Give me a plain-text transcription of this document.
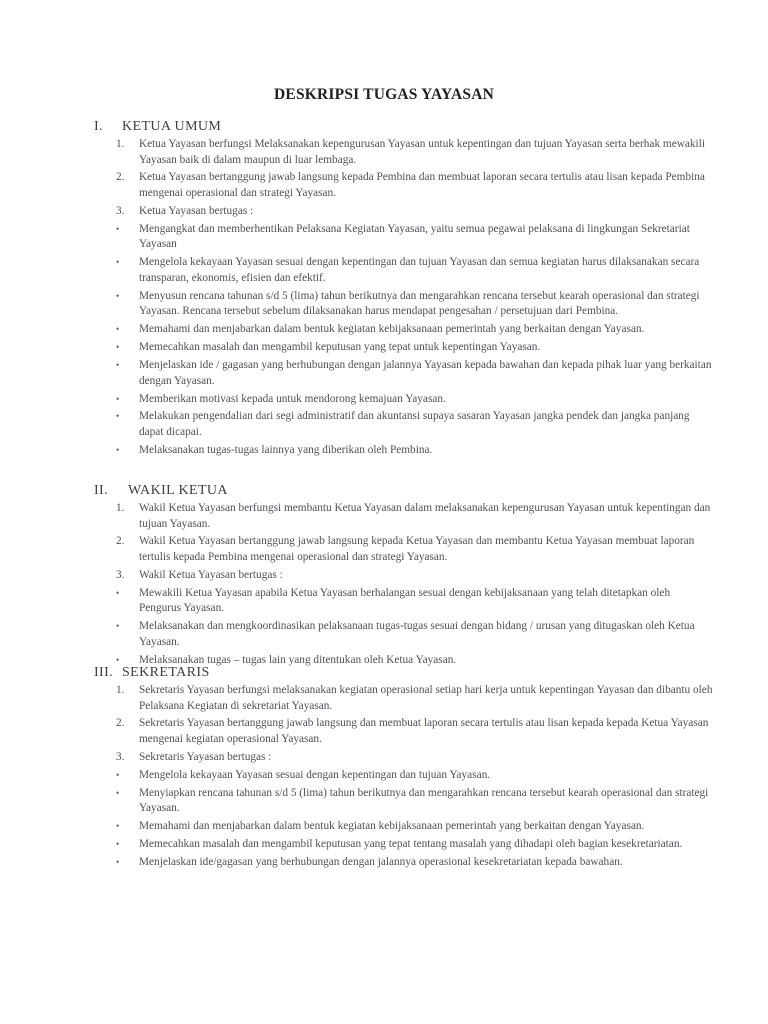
DESKRIPSI TUGAS YAYASAN
I. KETUA UMUM
1.	Ketua Yayasan berfungsi Melaksanakan kepengurusan Yayasan untuk kepentingan dan tujuan Yayasan serta berhak mewakili Yayasan baik di dalam maupun di luar lembaga.
2.	Ketua Yayasan bertanggung jawab langsung kepada Pembina dan membuat laporan secara tertulis atau lisan kepada Pembina mengenai operasional dan strategi Yayasan.
3.	Ketua Yayasan bertugas :
•	Mengangkat dan memberhentikan Pelaksana Kegiatan Yayasan, yaitu semua pegawai pelaksana di lingkungan Sekretariat Yayasan
•	Mengelola kekayaan Yayasan sesuai dengan kepentingan dan tujuan Yayasan dan semua kegiatan harus dilaksanakan secara transparan, ekonomis, efisien dan efektif.
•	Menyusun rencana tahunan s/d 5 (lima) tahun berikutnya dan mengarahkan rencana tersebut kearah operasional dan strategi Yayasan. Rencana tersebut sebelum dilaksanakan harus mendapat pengesahan / persetujuan dari Pembina.
•	Memahami dan menjabarkan dalam bentuk kegiatan kebijaksanaan pemerintah yang berkaitan dengan Yayasan.
•	Memecahkan masalah dan mengambil keputusan yang tepat untuk kepentingan Yayasan.
•	Menjelaskan ide / gagasan yang berhubungan dengan jalannya Yayasan kepada bawahan dan kepada pihak luar yang berkaitan dengan Yayasan.
•	Memberikan motivasi kepada untuk mendorong kemajuan Yayasan.
•	Melakukan pengendalian dari segi administratif dan akuntansi supaya sasaran Yayasan jangka pendek dan jangka panjang dapat dicapai.
•	Melaksanakan tugas-tugas lainnya yang diberikan oleh Pembina.
II. WAKIL KETUA
1.	Wakil Ketua Yayasan berfungsi membantu Ketua Yayasan dalam melaksanakan kepengurusan Yayasan untuk kepentingan dan tujuan Yayasan.
2.	Wakil Ketua Yayasan bertanggung jawab langsung kepada Ketua Yayasan dan membantu Ketua Yayasan membuat laporan tertulis kepada Pembina mengenai operasional dan strategi Yayasan.
3.	Wakil Ketua Yayasan bertugas :
•	Mewakili Ketua Yayasan apabila Ketua Yayasan berhalangan sesuai dengan kebijaksanaan yang telah ditetapkan oleh Pengurus Yayasan.
•	Melaksanakan dan mengkoordinasikan pelaksanaan tugas-tugas sesuai dengan bidang / urusan yang ditugaskan oleh Ketua Yayasan.
•	Melaksanakan tugas – tugas lain yang ditentukan oleh Ketua Yayasan.
III. SEKRETARIS
1.	Sekretaris Yayasan berfungsi melaksanakan kegiatan operasional setiap hari kerja untuk kepentingan Yayasan dan dibantu oleh Pelaksana Kegiatan di sekretariat Yayasan.
2.	Sekretaris Yayasan bertanggung jawab langsung dan membuat laporan secara tertulis atau lisan kepada kepada Ketua Yayasan mengenai kegiatan operasional Yayasan.
3.	Sekretaris Yayasan bertugas :
•	Mengelola kekayaan Yayasan sesuai dengan kepentingan dan tujuan Yayasan.
•	Menyiapkan rencana tahunan s/d 5 (lima) tahun berikutnya dan mengarahkan rencana tersebut kearah operasional dan strategi Yayasan.
•	Memahami dan menjabarkan dalam bentuk kegiatan kebijaksanaan pemerintah yang berkaitan dengan Yayasan.
•	Memecahkan masalah dan mengambil keputusan yang tepat tentang masalah yang dihadapi oleh bagian kesekretariatan.
•	Menjelaskan ide/gagasan yang berhubungan dengan jalannya operasional kesekretariatan kepada bawahan.
